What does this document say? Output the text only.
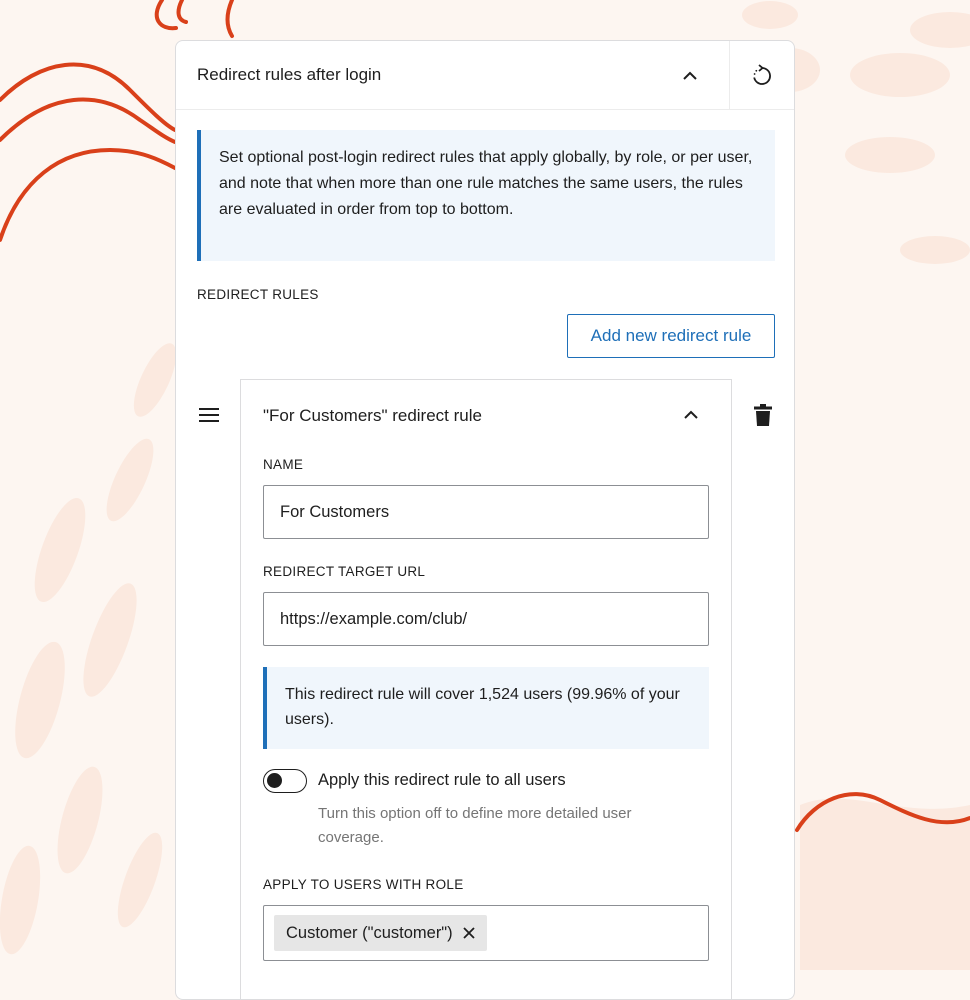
Redirect rules after login
Set optional post-login redirect rules that apply globally, by role, or per user, and note that when more than one rule matches the same users, the rules are evaluated in order from top to bottom.
REDIRECT RULES
Add new redirect rule
"For Customers" redirect rule
NAME
For Customers
REDIRECT TARGET URL
https://example.com/club/
This redirect rule will cover 1,524 users (99.96% of your users).
Apply this redirect rule to all users
Turn this option off to define more detailed user coverage.
APPLY TO USERS WITH ROLE
Customer ("customer")
